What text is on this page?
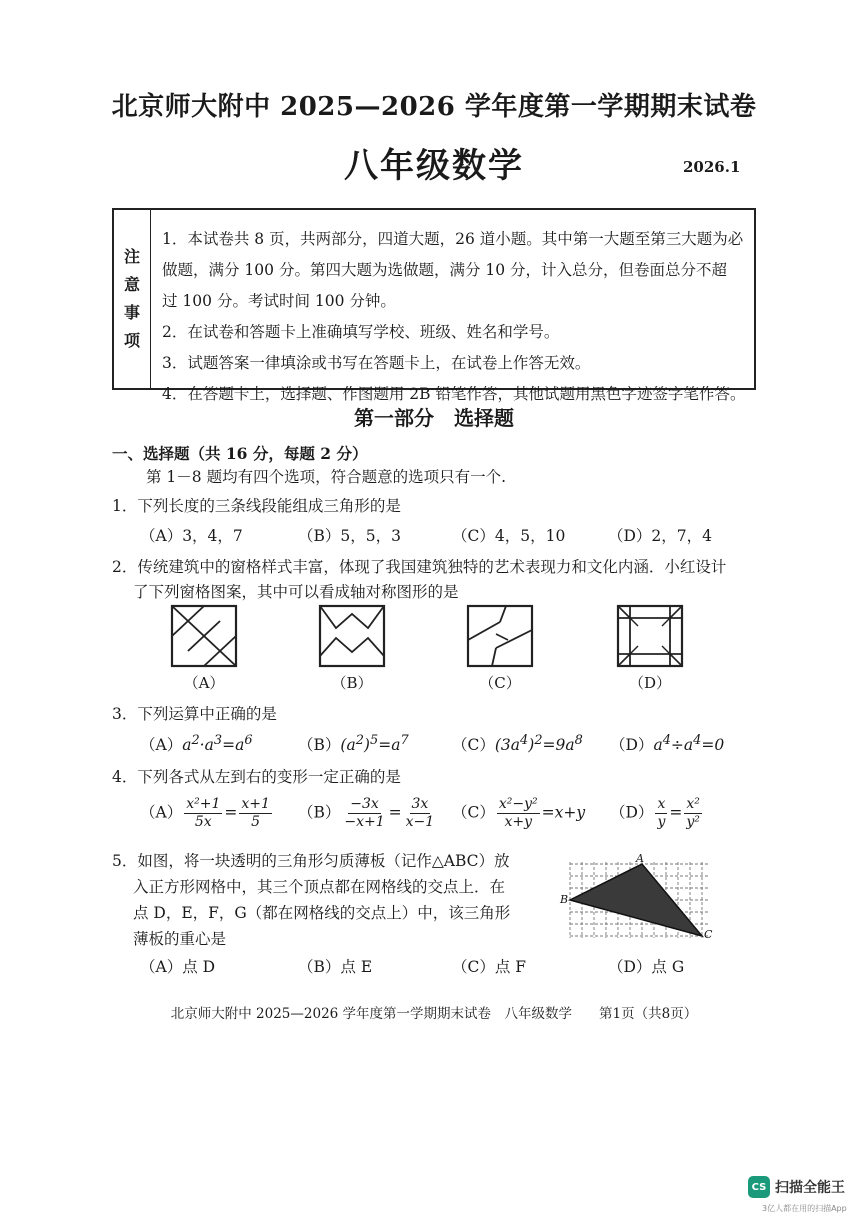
北京师大附中 2025—2026 学年度第一学期期末试卷
八年级数学	2026.1
注
意
事
项
1．本试卷共 8 页，共两部分，四道大题，26 道小题。其中第一大题至第三大题为必
做题，满分 100 分。第四大题为选做题，满分 10 分，计入总分，但卷面总分不超
过 100 分。考试时间 100 分钟。
2．在试卷和答题卡上准确填写学校、班级、姓名和学号。
3．试题答案一律填涂或书写在答题卡上，在试卷上作答无效。
4．在答题卡上，选择题、作图题用 2B 铅笔作答，其他试题用黑色字迹签字笔作答。
第一部分　选择题
一、选择题（共 16 分，每题 2 分）
第 1－8 题均有四个选项，符合题意的选项只有一个.
1．下列长度的三条线段能组成三角形的是
（A）3，4，7	（B）5，5，3	（C）4，5，10	（D）2，7，4
2．传统建筑中的窗格样式丰富，体现了我国建筑独特的艺术表现力和文化内涵．小红设计
了下列窗格图案，其中可以看成轴对称图形的是
（A）	（B）	（C）	（D）
3．下列运算中正确的是
$(A)a^2\cdot a^3=a^6$	$(B)(a^2)^5=a^7$	$(C)(3a^4)^2=9a^8$ $(D)a^4\div a^4=0$
4．下列各式从左到右的变形一定正确的是
$(A) \frac{\text{x²+1}}{5x} = \frac{x+1}{5} (B) \frac{-3x}{-x+1} = \frac{3x}{x-1} (C) \frac{\text{x²−y²}}{x+y} =x+y$ $(D) \frac{x}{y} = \frac{\text{x²}}{\text{y²}}$
5．如图，将一块透明的三角形匀质薄板（记作△ABC）放
入正方形网格中，其三个顶点都在网格线的交点上．在
点 D，E，F，G（都在网格线的交点上）中，该三角形
薄板的重心是
A
B
C
（A）点 D	（B）点 E	（C）点 F	（D）点 G
北京师大附中 2025—2026 学年度第一学期期末试卷　八年级数学　　第1页（共8页）
CS 扫描全能王
3亿人都在用的扫描App
